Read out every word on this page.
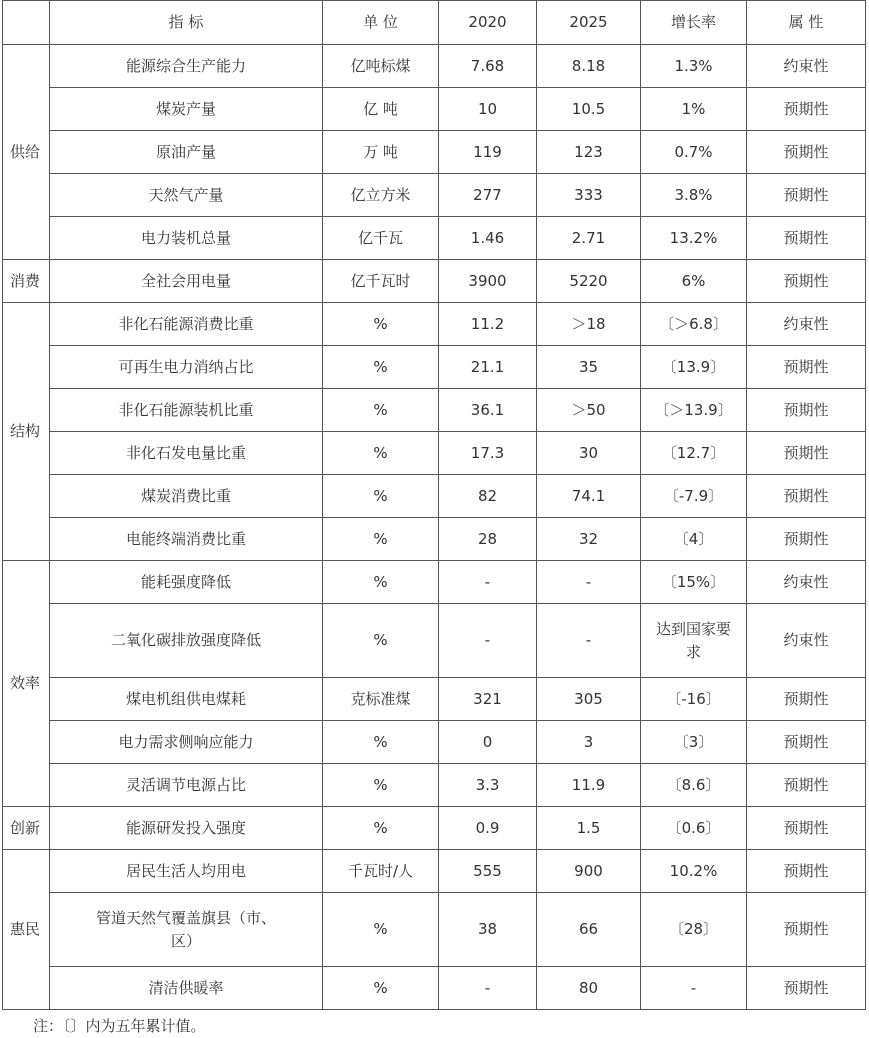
	指 标	单 位	2020	2025	增长率	属 性
供给	能源综合生产能力	亿吨标煤	7.68	8.18	1.3%	约束性
	煤炭产量	亿 吨	10	10.5	1%	预期性
	原油产量	万 吨	119	123	0.7%	预期性
	天然气产量	亿立方米	277	333	3.8%	预期性
	电力装机总量	亿千瓦	1.46	2.71	13.2%	预期性
消费	全社会用电量	亿千瓦时	3900	5220	6%	预期性
结构	非化石能源消费比重	%	11.2	＞18	〔＞6.8〕	约束性
	可再生电力消纳占比	%	21.1	35	〔13.9〕	预期性
	非化石能源装机比重	%	36.1	＞50	〔＞13.9〕	预期性
	非化石发电量比重	%	17.3	30	〔12.7〕	预期性
	煤炭消费比重	%	82	74.1	〔-7.9〕	预期性
	电能终端消费比重	%	28	32	〔4〕	预期性
效率	能耗强度降低	%	-	-	〔15%〕	约束性
	二氧化碳排放强度降低	%	-	-	达到国家要求	约束性
	煤电机组供电煤耗	克标准煤	321	305	〔-16〕	预期性
	电力需求侧响应能力	%	0	3	〔3〕	预期性
	灵活调节电源占比	%	3.3	11.9	〔8.6〕	预期性
创新	能源研发投入强度	%	0.9	1.5	〔0.6〕	预期性
惠民	居民生活人均用电	千瓦时/人	555	900	10.2%	预期性
	管道天然气覆盖旗县（市、区）	%	38	66	〔28〕	预期性
	清洁供暖率	%	-	80	-	预期性
注：〔〕内为五年累计值。
